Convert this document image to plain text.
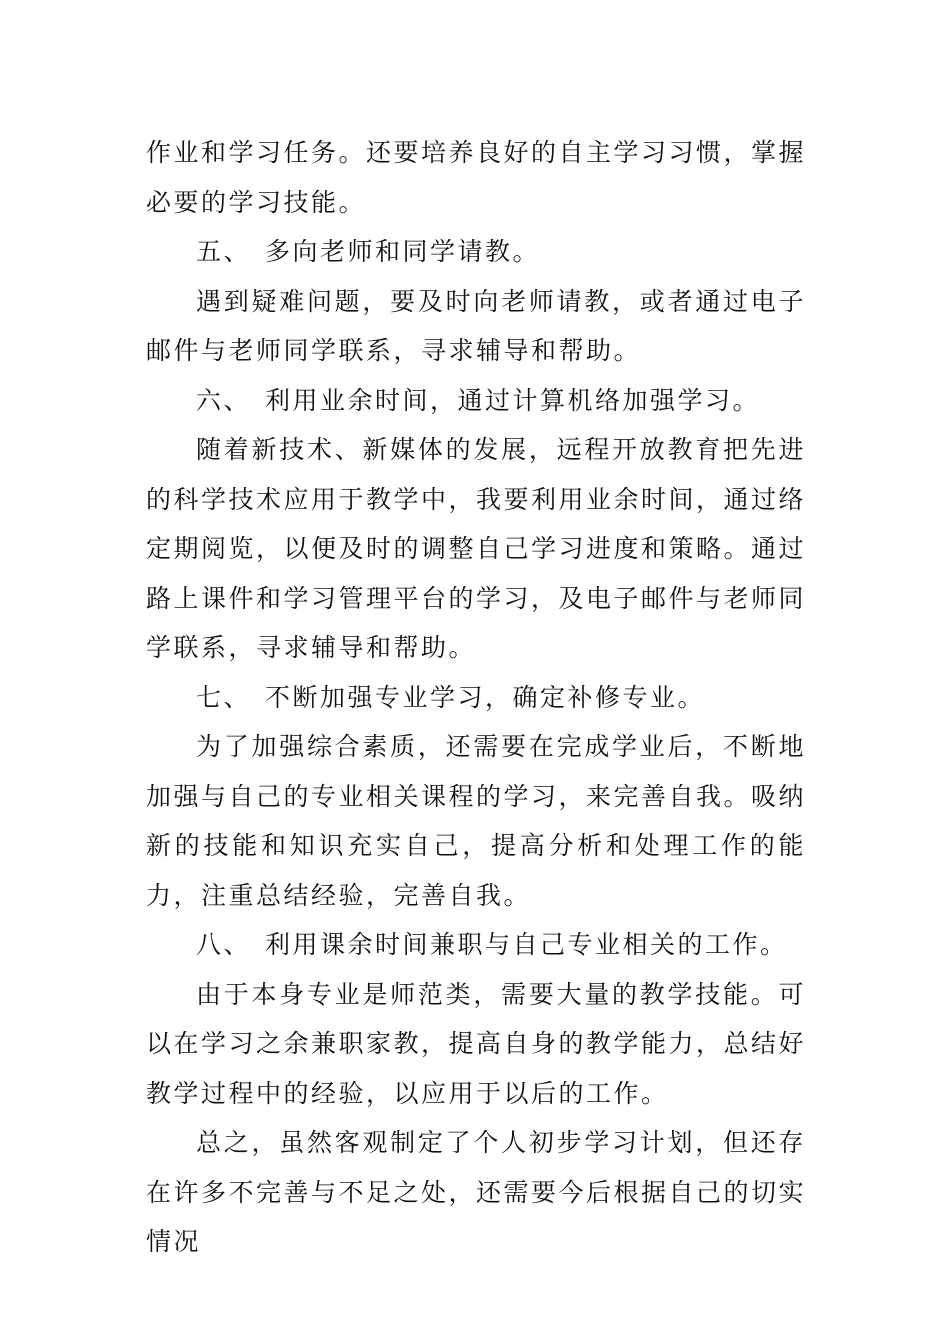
作业和学习任务。还要培养良好的自主学习习惯，掌握必要的学习技能。

五、 多向老师和同学请教。

遇到疑难问题，要及时向老师请教，或者通过电子邮件与老师同学联系，寻求辅导和帮助。

六、 利用业余时间，通过计算机络加强学习。

随着新技术、新媒体的发展，远程开放教育把先进的科学技术应用于教学中，我要利用业余时间，通过络定期阅览，以便及时的调整自己学习进度和策略。通过路上课件和学习管理平台的学习，及电子邮件与老师同学联系，寻求辅导和帮助。

七、 不断加强专业学习，确定补修专业。

为了加强综合素质，还需要在完成学业后，不断地加强与自己的专业相关课程的学习，来完善自我。吸纳新的技能和知识充实自己，提高分析和处理工作的能力，注重总结经验，完善自我。

八、 利用课余时间兼职与自己专业相关的工作。

由于本身专业是师范类，需要大量的教学技能。可以在学习之余兼职家教，提高自身的教学能力，总结好教学过程中的经验，以应用于以后的工作。

总之，虽然客观制定了个人初步学习计划，但还存在许多不完善与不足之处，还需要今后根据自己的切实情况
